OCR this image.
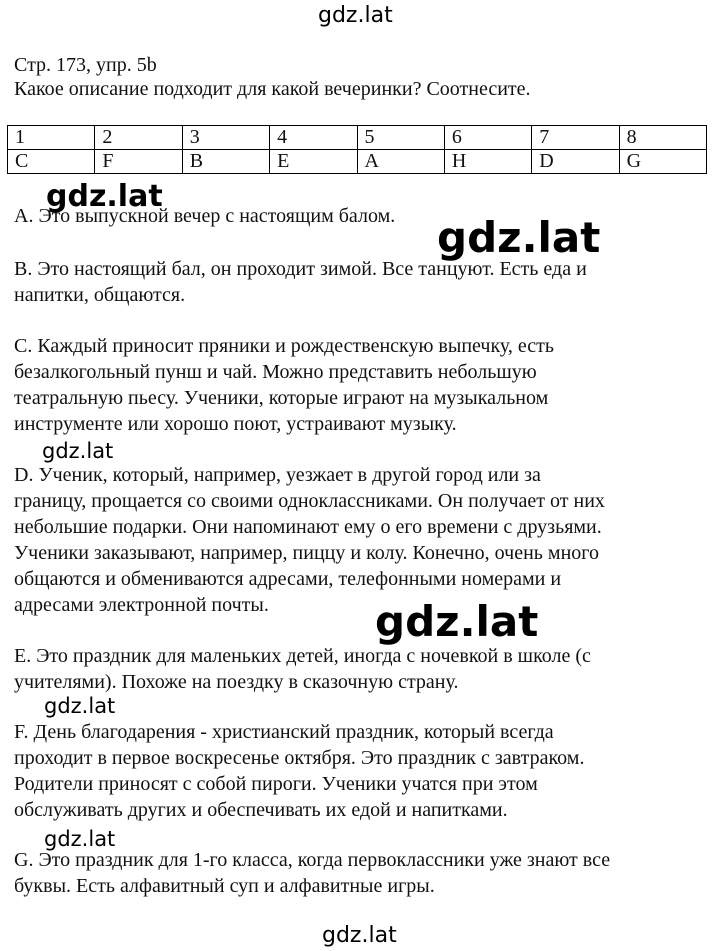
gdz.lat
Стр. 173, упр. 5b
Какое описание подходит для какой вечеринки? Соотнесите.
1	2	3	4	5	6	7	8
C	F	B	E	A	H	D	G
A. Это выпускной вечер с настоящим балом.
B. Это настоящий бал, он проходит зимой. Все танцуют. Есть еда и
напитки, общаются.
C. Каждый приносит пряники и рождественскую выпечку, есть
безалкогольный пунш и чай. Можно представить небольшую
театральную пьесу. Ученики, которые играют на музыкальном
инструменте или хорошо поют, устраивают музыку.
D. Ученик, который, например, уезжает в другой город или за
границу, прощается со своими одноклассниками. Он получает от них
небольшие подарки. Они напоминают ему о его времени с друзьями.
Ученики заказывают, например, пиццу и колу. Конечно, очень много
общаются и обмениваются адресами, телефонными номерами и
адресами электронной почты.
E. Это праздник для маленьких детей, иногда с ночевкой в школе (с
учителями). Похоже на поездку в сказочную страну.
F. День благодарения - христианский праздник, который всегда
проходит в первое воскресенье октября. Это праздник с завтраком.
Родители приносят с собой пироги. Ученики учатся при этом
обслуживать других и обеспечивать их едой и напитками.
G. Это праздник для 1-го класса, когда первоклассники уже знают все
буквы. Есть алфавитный суп и алфавитные игры.
gdz.lat
gdz.lat
gdz.lat
gdz.lat
gdz.lat
gdz.lat
gdz.lat
